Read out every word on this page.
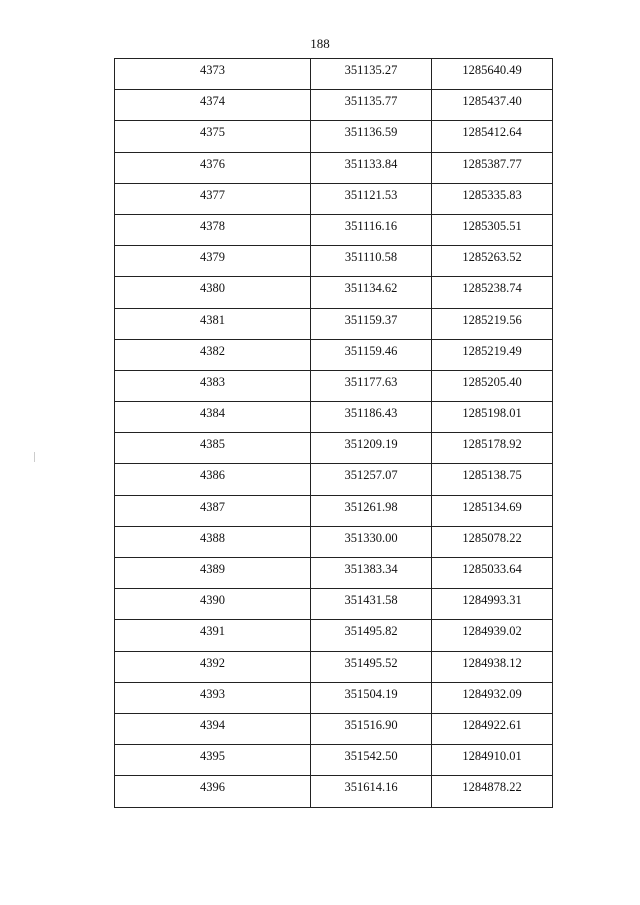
188
4373	351135.27	1285640.49

4374	351135.77	1285437.40

4375	351136.59	1285412.64

4376	351133.84	1285387.77

4377	351121.53	1285335.83

4378	351116.16	1285305.51

4379	351110.58	1285263.52

4380	351134.62	1285238.74

4381	351159.37	1285219.56

4382	351159.46	1285219.49

4383	351177.63	1285205.40

4384	351186.43	1285198.01

4385	351209.19	1285178.92

4386	351257.07	1285138.75

4387	351261.98	1285134.69

4388	351330.00	1285078.22

4389	351383.34	1285033.64

4390	351431.58	1284993.31

4391	351495.82	1284939.02

4392	351495.52	1284938.12

4393	351504.19	1284932.09

4394	351516.90	1284922.61

4395	351542.50	1284910.01

4396	351614.16	1284878.22
